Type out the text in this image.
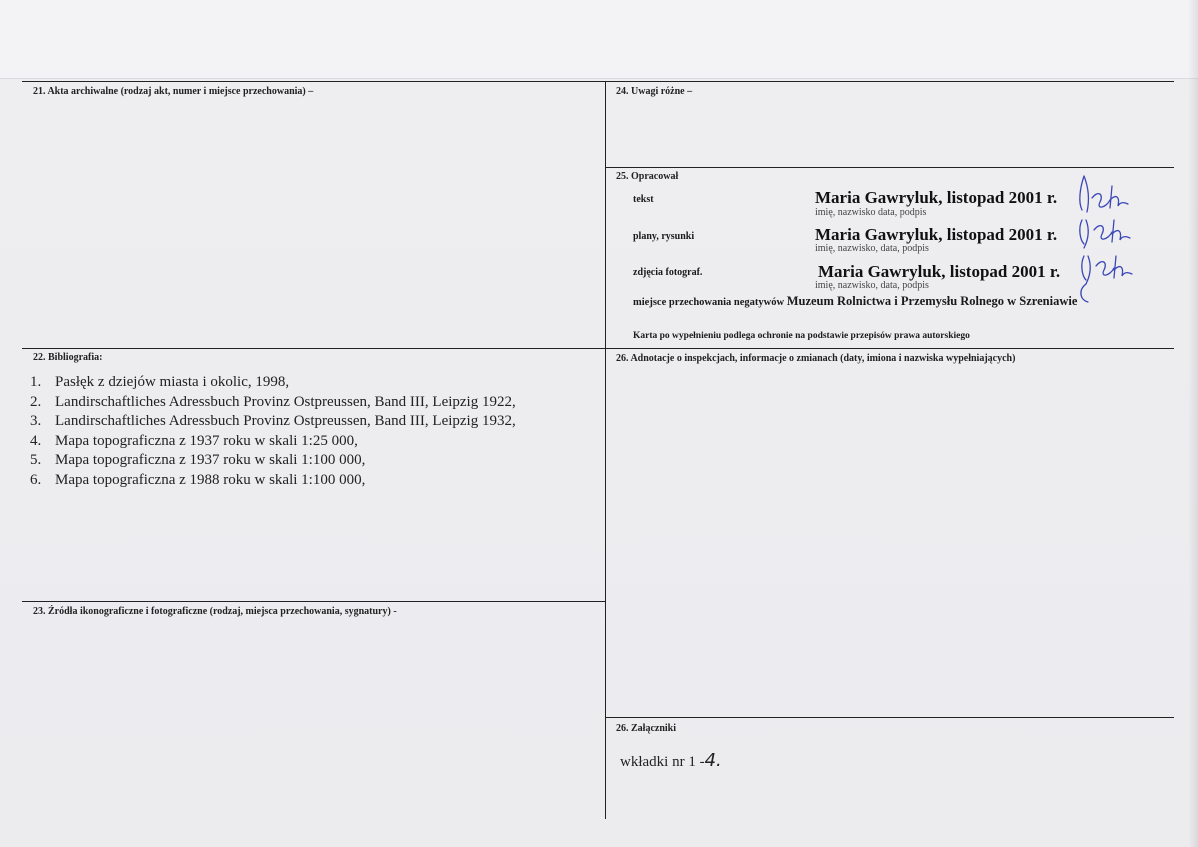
21. Akta archiwalne (rodzaj akt, numer i miejsce przechowania) –
22. Bibliografia:
1. Pasłęk z dziejów miasta i okolic, 1998,
2. Landirschaftliches Adressbuch Provinz Ostpreussen, Band III, Leipzig 1922,
3. Landirschaftliches Adressbuch Provinz Ostpreussen, Band III, Leipzig 1932,
4. Mapa topograficzna z 1937 roku w skali 1:25 000,
5. Mapa topograficzna z 1937 roku w skali 1:100 000,
6. Mapa topograficzna z 1988 roku w skali 1:100 000,
23. Źródła ikonograficzne i fotograficzne (rodzaj, miejsca przechowania, sygnatury) -
24. Uwagi różne –
25. Opracował
tekst	Maria Gawryluk, listopad 2001 r.
imię, nazwisko data, podpis
plany, rysunki	Maria Gawryluk, listopad 2001 r.
imię, nazwisko, data, podpis
zdjęcia fotograf.	Maria Gawryluk, listopad 2001 r.
imię, nazwisko, data, podpis
miejsce przechowania negatywów Muzeum Rolnictwa i Przemysłu Rolnego w Szreniawie
Karta po wypełnieniu podlega ochronie na podstawie przepisów prawa autorskiego
26. Adnotacje o inspekcjach, informacje o zmianach (daty, imiona i nazwiska wypełniających)
26. Załączniki
wkładki nr 1 -4.
